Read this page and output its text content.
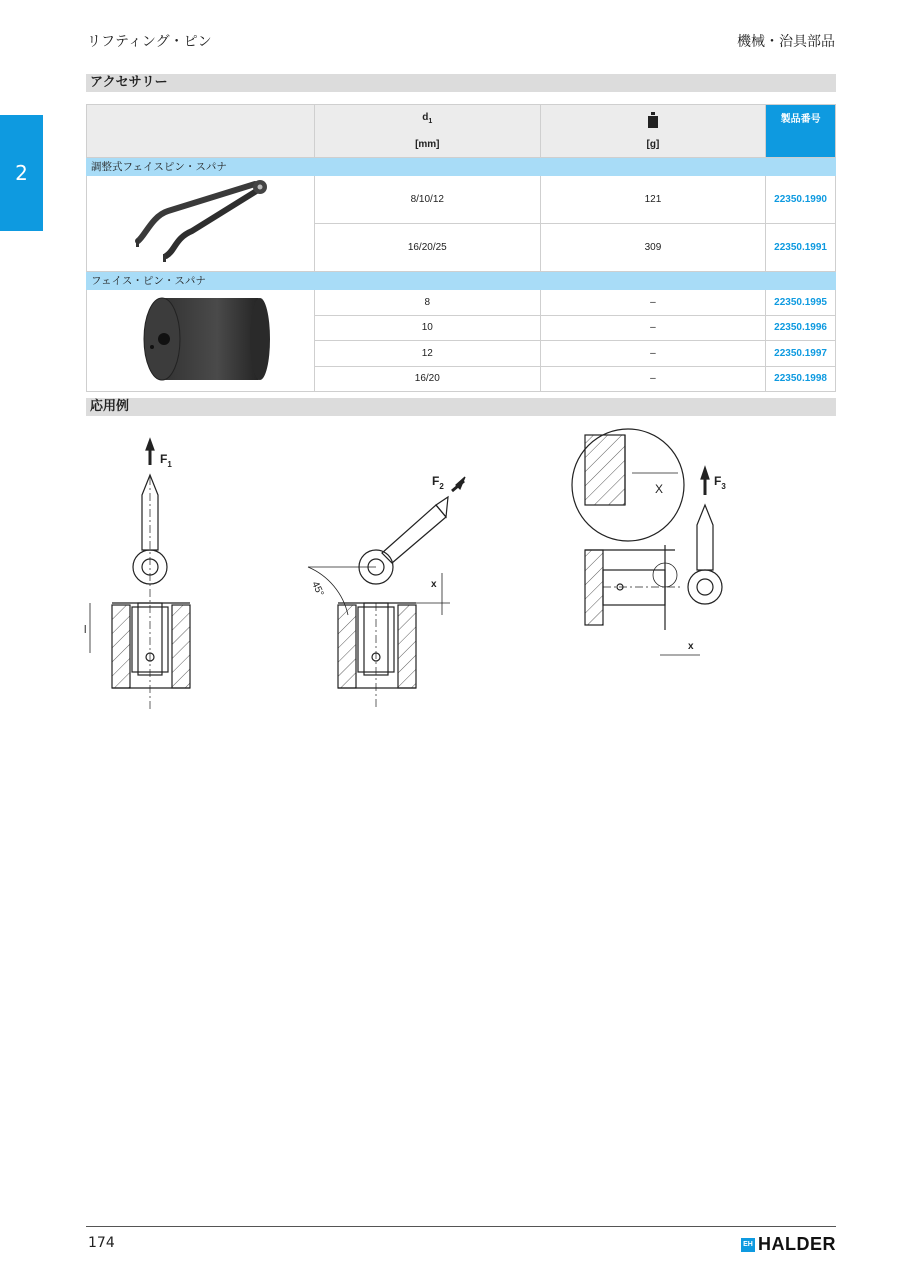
リフティング・ピン	機械・治具部品
2
アクセサリー

	$d_1$
[mm]	[g]	製品番号
調整式フェイスピン・スパナ			
	8/10/12	121	22350.1990
	16/20/25	309	22350.1991
フェイス・ピン・スパナ			
	8	–	22350.1995
	10	–	22350.1996
	12	–	22350.1997
	16/20	–	22350.1998
応用例
$F_1$
$F_2$	$F_3$
l
x
x
X
45°
174	EH HALDER
